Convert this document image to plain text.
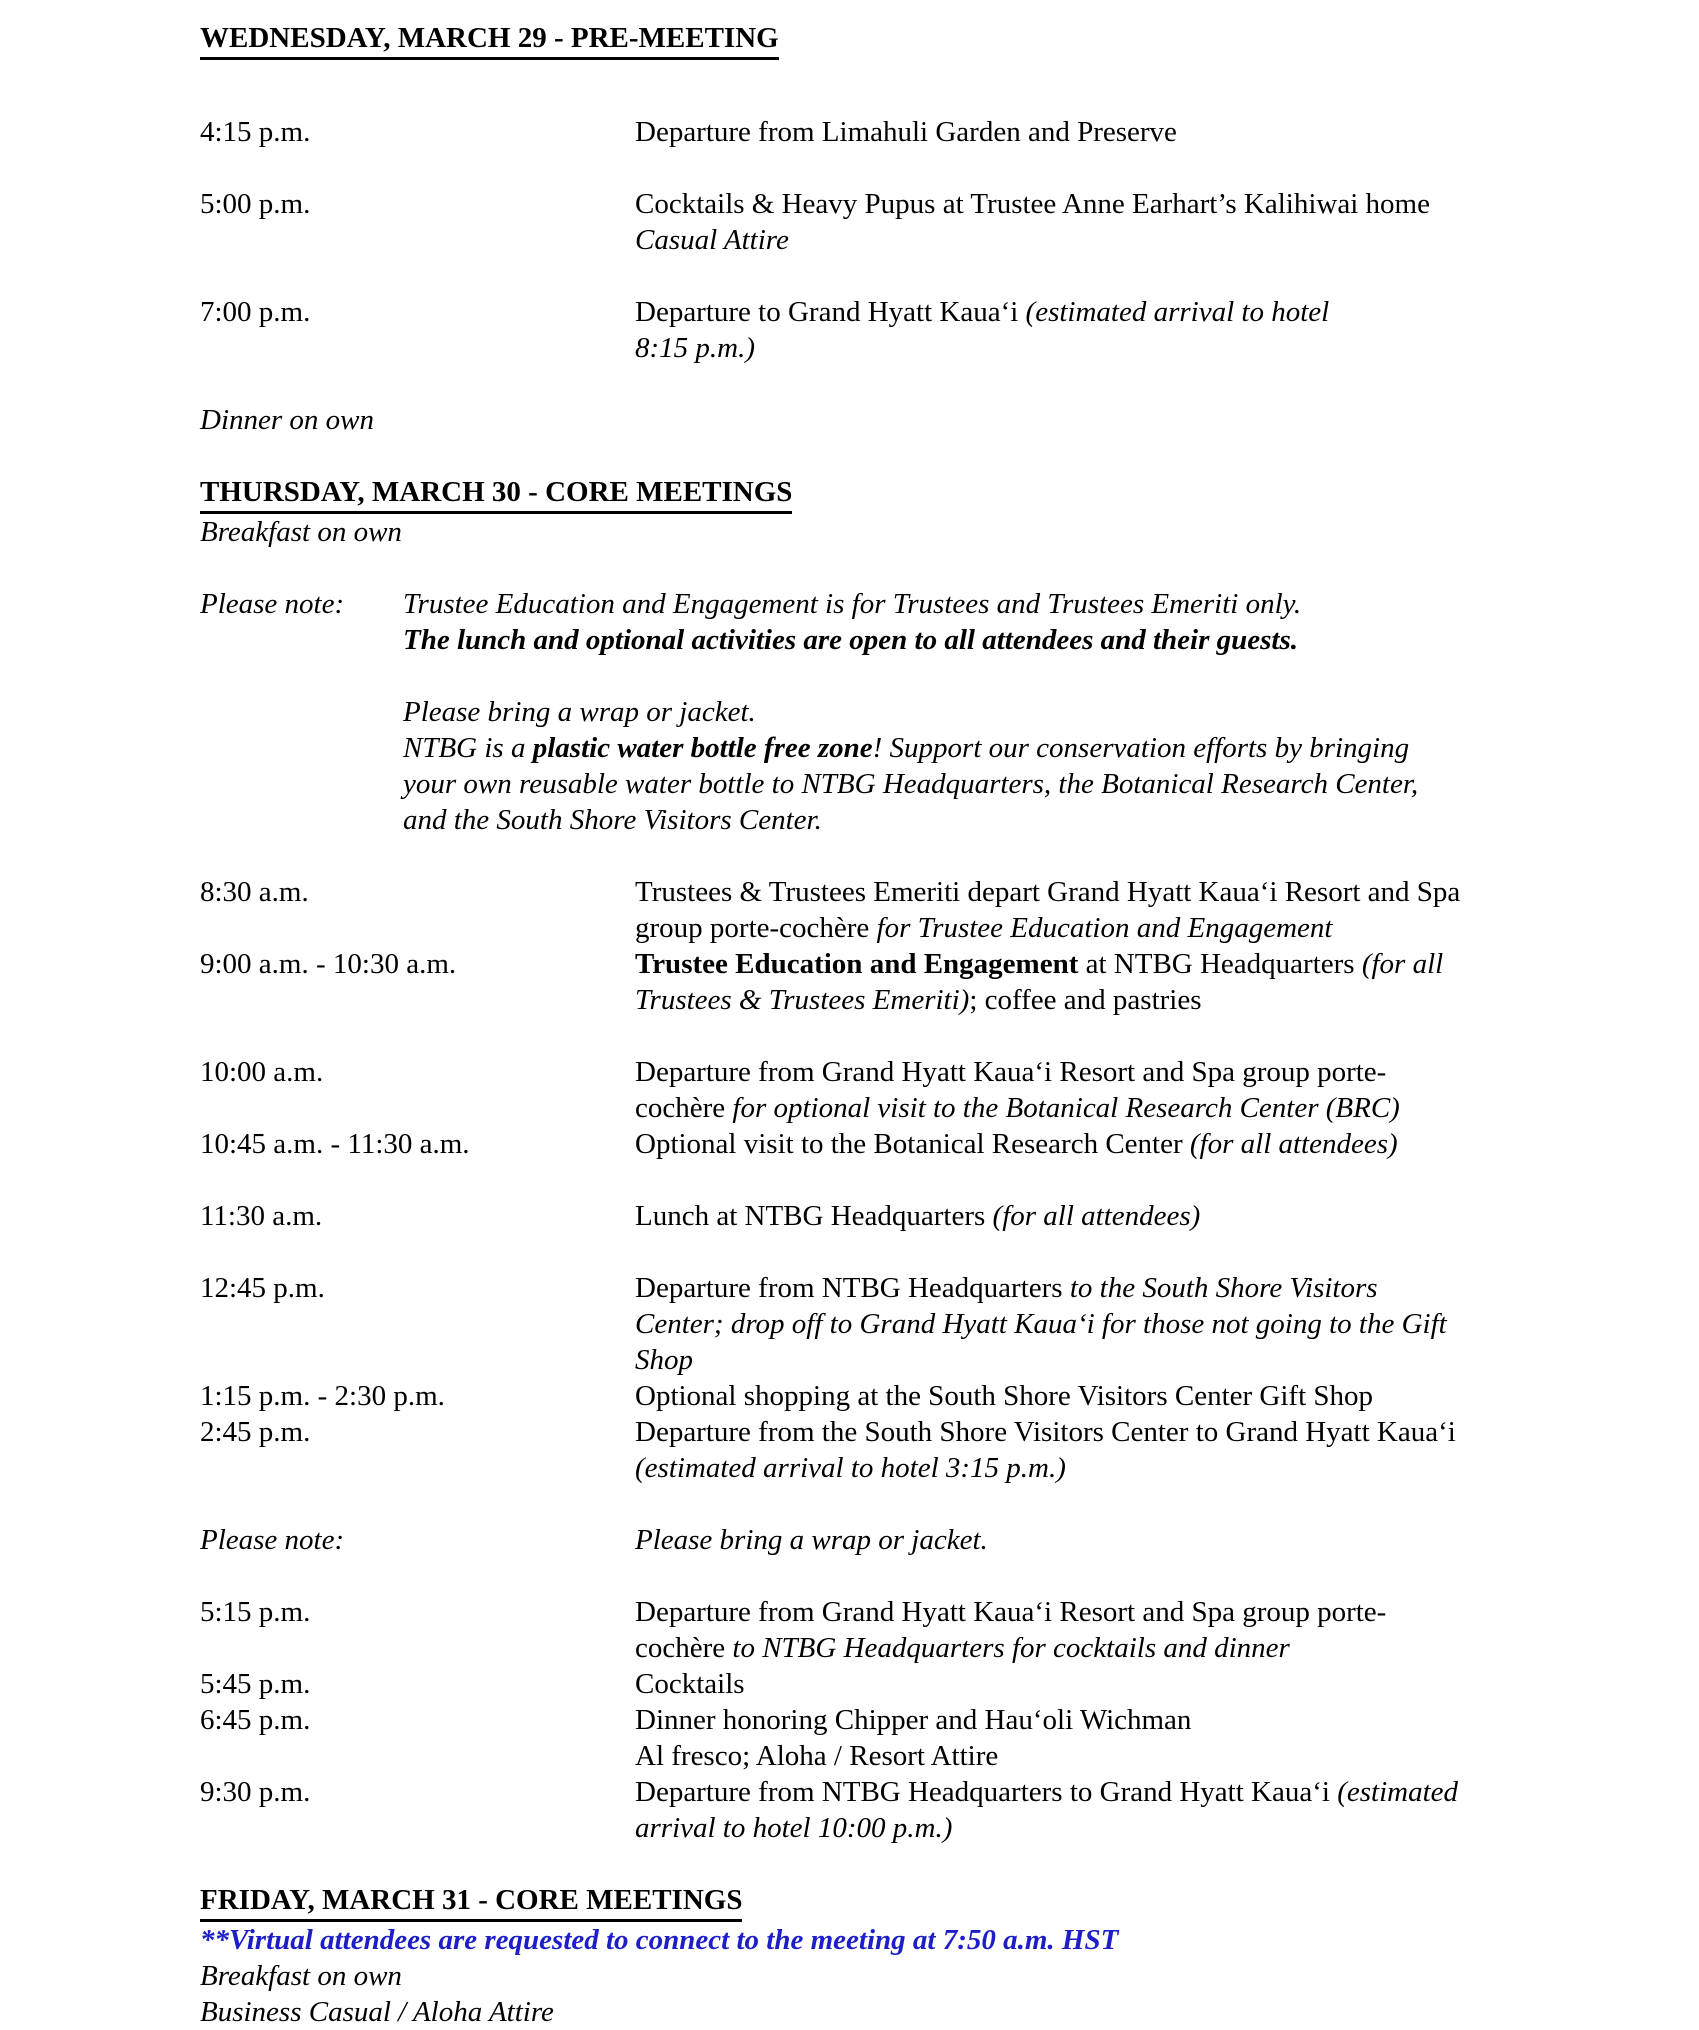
WEDNESDAY, MARCH 29 - PRE-MEETING
4:15 p.m.	Departure from Limahuli Garden and Preserve
5:00 p.m.	Cocktails & Heavy Pupus at Trustee Anne Earhart’s Kalihiwai home
Casual Attire
7:00 p.m.	Departure to Grand Hyatt Kauaʻi (estimated arrival to hotel
8:15 p.m.)
Dinner on own
THURSDAY, MARCH 30 - CORE MEETINGS
Breakfast on own
Please note: Trustee Education and Engagement is for Trustees and Trustees Emeriti only.
The lunch and optional activities are open to all attendees and their guests.
Please bring a wrap or jacket.
NTBG is a plastic water bottle free zone! Support our conservation efforts by bringing
your own reusable water bottle to NTBG Headquarters, the Botanical Research Center,
and the South Shore Visitors Center.
8:30 a.m.	Trustees & Trustees Emeriti depart Grand Hyatt Kauaʻi Resort and Spa
group porte-cochère for Trustee Education and Engagement
9:00 a.m. - 10:30 a.m.	Trustee Education and Engagement at NTBG Headquarters (for all
Trustees & Trustees Emeriti); coffee and pastries
10:00 a.m.	Departure from Grand Hyatt Kauaʻi Resort and Spa group porte-
cochère for optional visit to the Botanical Research Center (BRC)
10:45 a.m. - 11:30 a.m.	Optional visit to the Botanical Research Center (for all attendees)
11:30 a.m.	Lunch at NTBG Headquarters (for all attendees)
12:45 p.m.	Departure from NTBG Headquarters to the South Shore Visitors
Center; drop off to Grand Hyatt Kauaʻi for those not going to the Gift
Shop
1:15 p.m. - 2:30 p.m.	Optional shopping at the South Shore Visitors Center Gift Shop
2:45 p.m.	Departure from the South Shore Visitors Center to Grand Hyatt Kauaʻi
(estimated arrival to hotel 3:15 p.m.)
Please note:	Please bring a wrap or jacket.
5:15 p.m.	Departure from Grand Hyatt Kauaʻi Resort and Spa group porte-
cochère to NTBG Headquarters for cocktails and dinner
5:45 p.m.	Cocktails
6:45 p.m.	Dinner honoring Chipper and Hauʻoli Wichman
Al fresco; Aloha / Resort Attire
9:30 p.m.	Departure from NTBG Headquarters to Grand Hyatt Kauaʻi (estimated
arrival to hotel 10:00 p.m.)
FRIDAY, MARCH 31 - CORE MEETINGS
**Virtual attendees are requested to connect to the meeting at 7:50 a.m. HST
Breakfast on own
Business Casual / Aloha Attire
